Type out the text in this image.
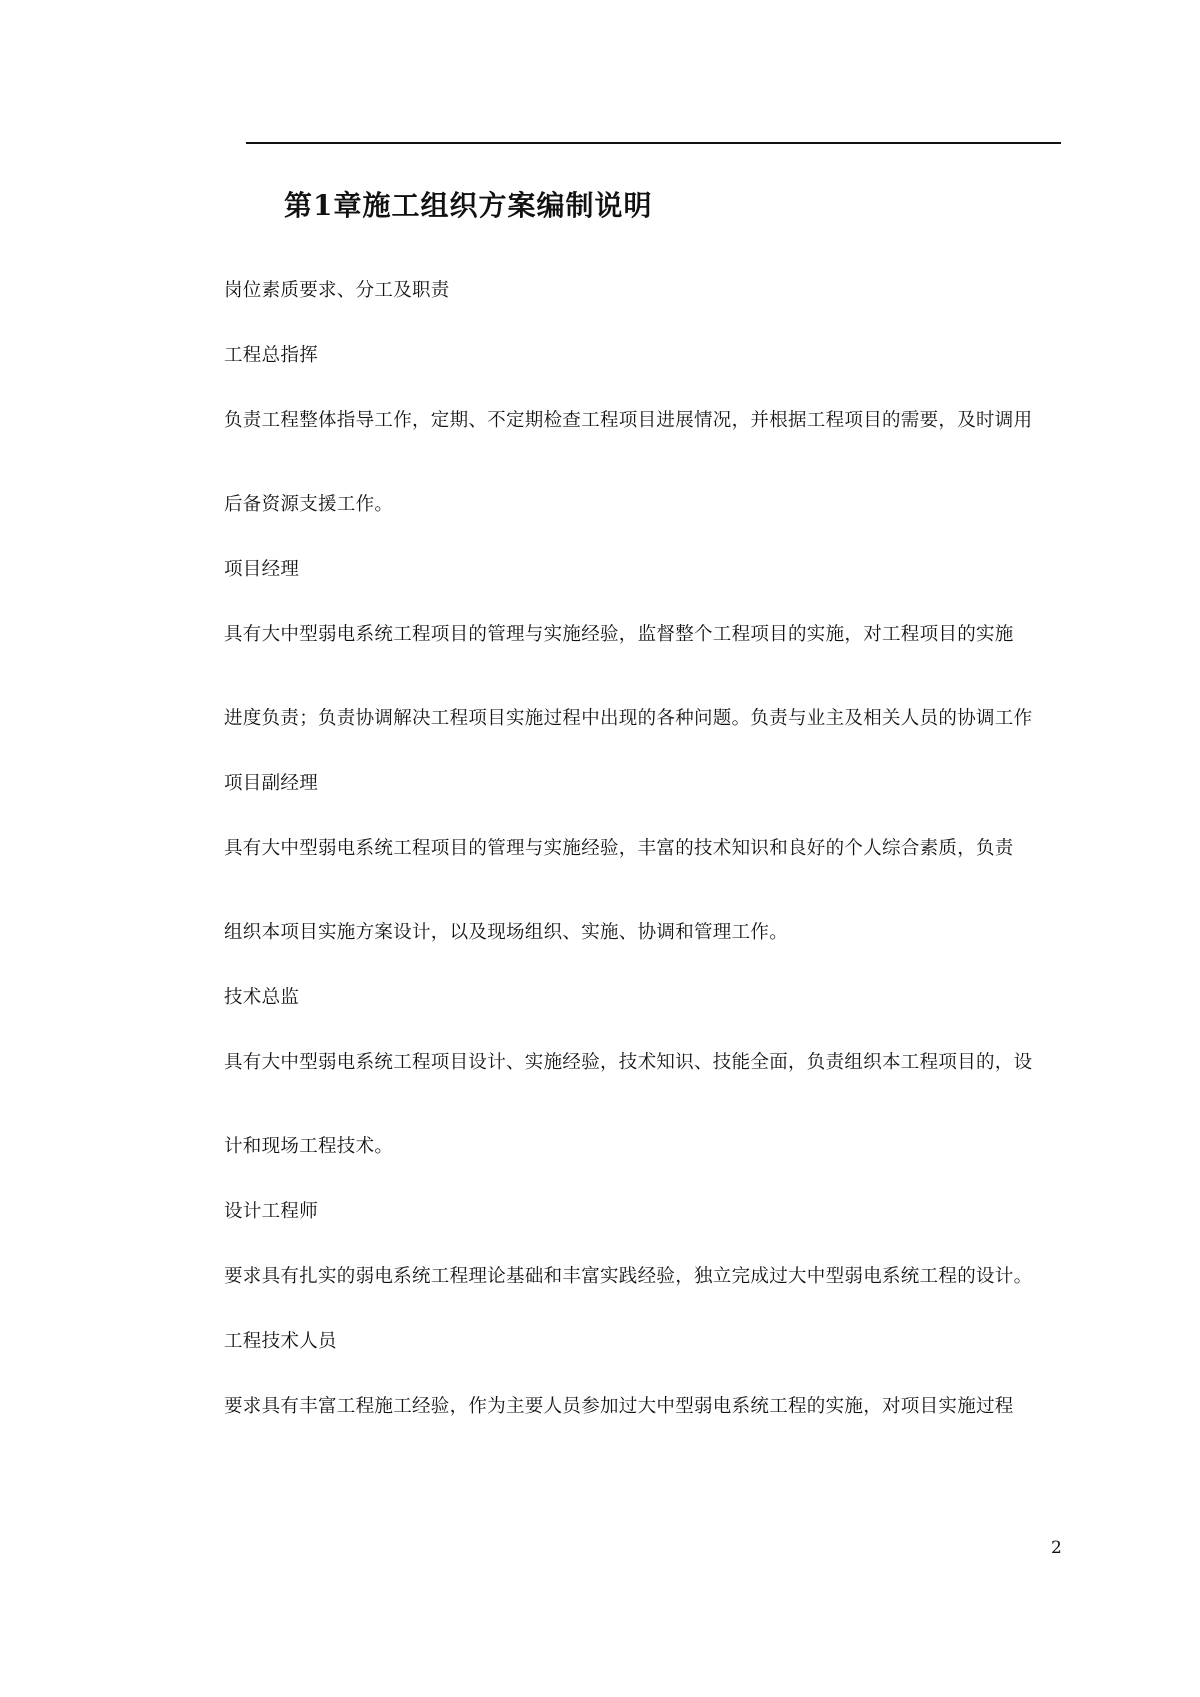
第1章施工组织方案编制说明
岗位素质要求、分工及职责
工程总指挥
负责工程整体指导工作，定期、不定期检查工程项目进展情况，并根据工程项目的需要，及时调用
后备资源支援工作。
项目经理
具有大中型弱电系统工程项目的管理与实施经验，监督整个工程项目的实施，对工程项目的实施
进度负责；负责协调解决工程项目实施过程中出现的各种问题。负责与业主及相关人员的协调工作
项目副经理
具有大中型弱电系统工程项目的管理与实施经验，丰富的技术知识和良好的个人综合素质，负责
组织本项目实施方案设计，以及现场组织、实施、协调和管理工作。
技术总监
具有大中型弱电系统工程项目设计、实施经验，技术知识、技能全面，负责组织本工程项目的，设
计和现场工程技术。
设计工程师
要求具有扎实的弱电系统工程理论基础和丰富实践经验，独立完成过大中型弱电系统工程的设计。
工程技术人员
要求具有丰富工程施工经验，作为主要人员参加过大中型弱电系统工程的实施，对项目实施过程
2
